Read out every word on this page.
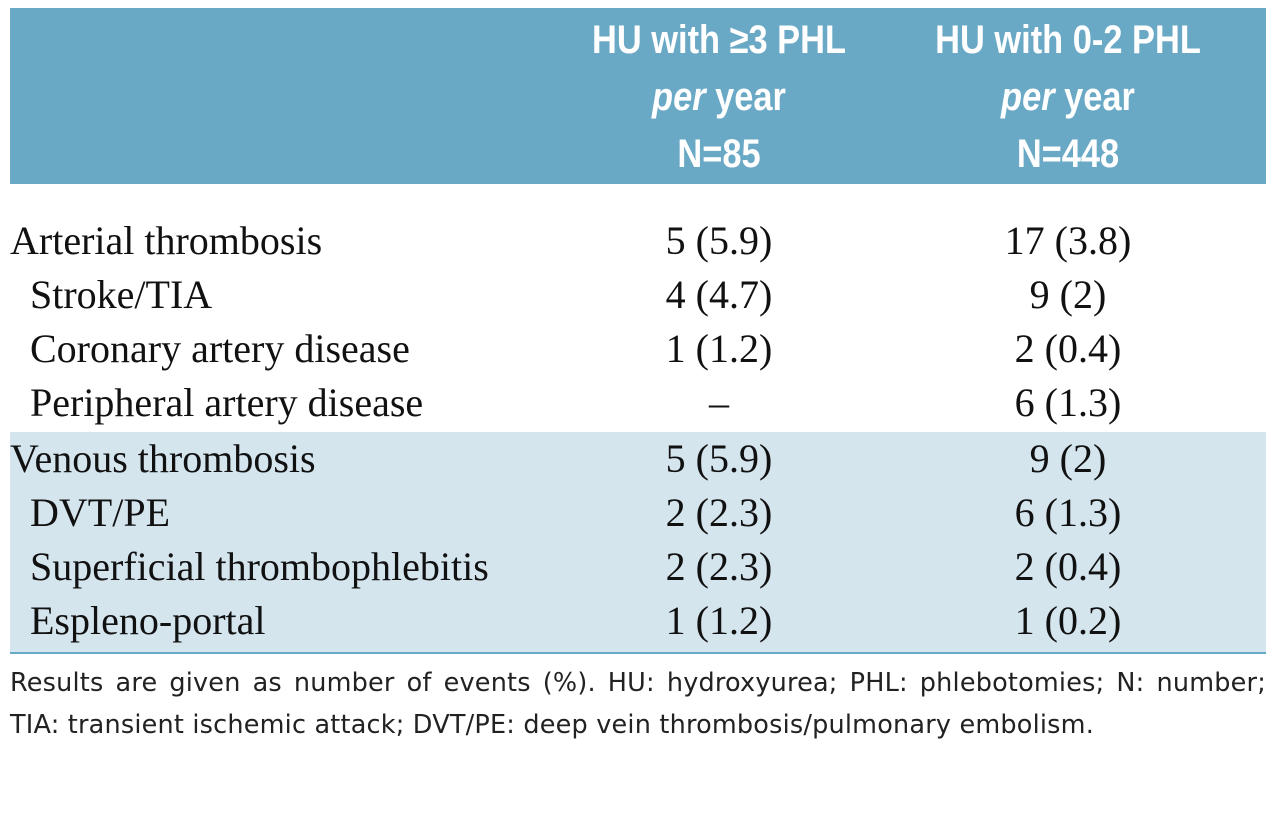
HU with ≥3 PHL
per year
N=85
HU with 0-2 PHL
per year
N=448
Arterial thrombosis	5 (5.9)	17 (3.8)
Stroke/TIA	4 (4.7)	9 (2)
Coronary artery disease	1 (1.2)	2 (0.4)
Peripheral artery disease	–	6 (1.3)
Venous thrombosis	5 (5.9)	9 (2)
DVT/PE	2 (2.3)	6 (1.3)
Superficial thrombophlebitis	2 (2.3)	2 (0.4)
Espleno-portal	1 (1.2)	1 (0.2)
Results are given as number of events (%). HU: hydroxyurea; PHL: phlebotomies; N: number; TIA: transient ischemic attack; DVT/PE: deep vein thrombosis/pulmonary embolism.
